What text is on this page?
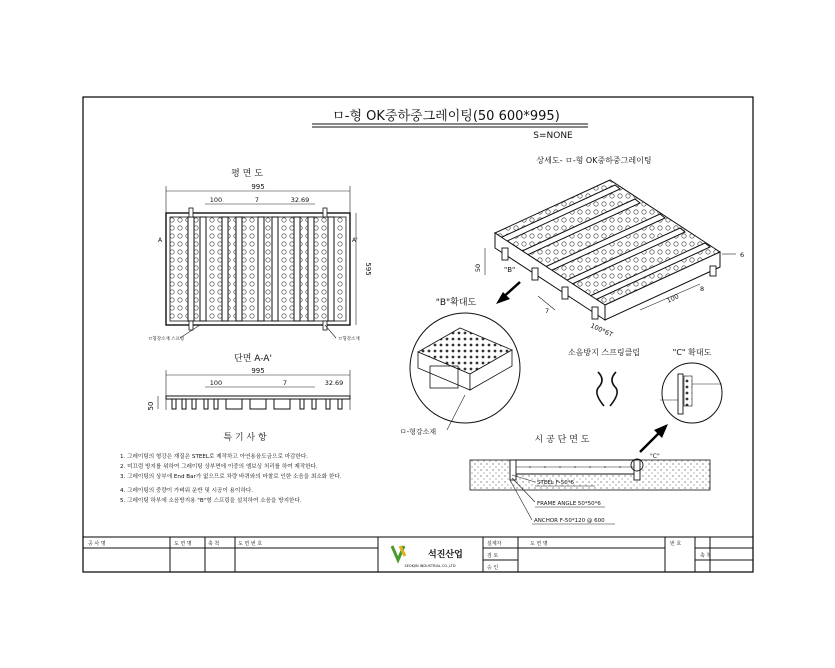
ㅁ-형 OK중하중그레이팅(50 600*995)
S=NONE
평 면 도
995
100	7	32.69
595
A	A'
ㅁ형강소재 스프링	ㅁ형강소재
단면 A-A'
995
100	7	32.69
50
특 기 사 항
1. 그레이팅의 형강은 재질은 STEEL로 제작하고 아연용융도금으로 마감한다.
2. 미끄럼 방지를 위하여 그레이팅 상부면에 이중의 엠보싱 처리를 하여 제작한다.
3. 그레이팅의 상부에 End Bar가 없으므로 차량 바퀴와의 마찰로 인한 소음을 최소화 한다.
4. 그레이팅의 중량이 가벼워 운반 및 시공이 용이하다.
5. 그레이팅 하부에 소음방지용 "B"형 스프링을 설치하여 소음을 방지한다.
상세도- ㅁ-형 OK중하중그레이팅
50
6
8
100
7
100*6T
"B"
"B"확대도
ㅁ-형강소재
소음방지 스프링클립	"C" 확대도
시 공 단 면 도
"C"
STEEL F-50*6
FRAME ANGLE 50*50*6
ANCHOR F-50*120 @ 600
공 사 명	도 면 명	축 척	도 면 번 호
석진산업
SEOKJIN INDUSTRIAL CO.,LTD
설계자
검 토
승 인
도 면 명	번 호
축 척
